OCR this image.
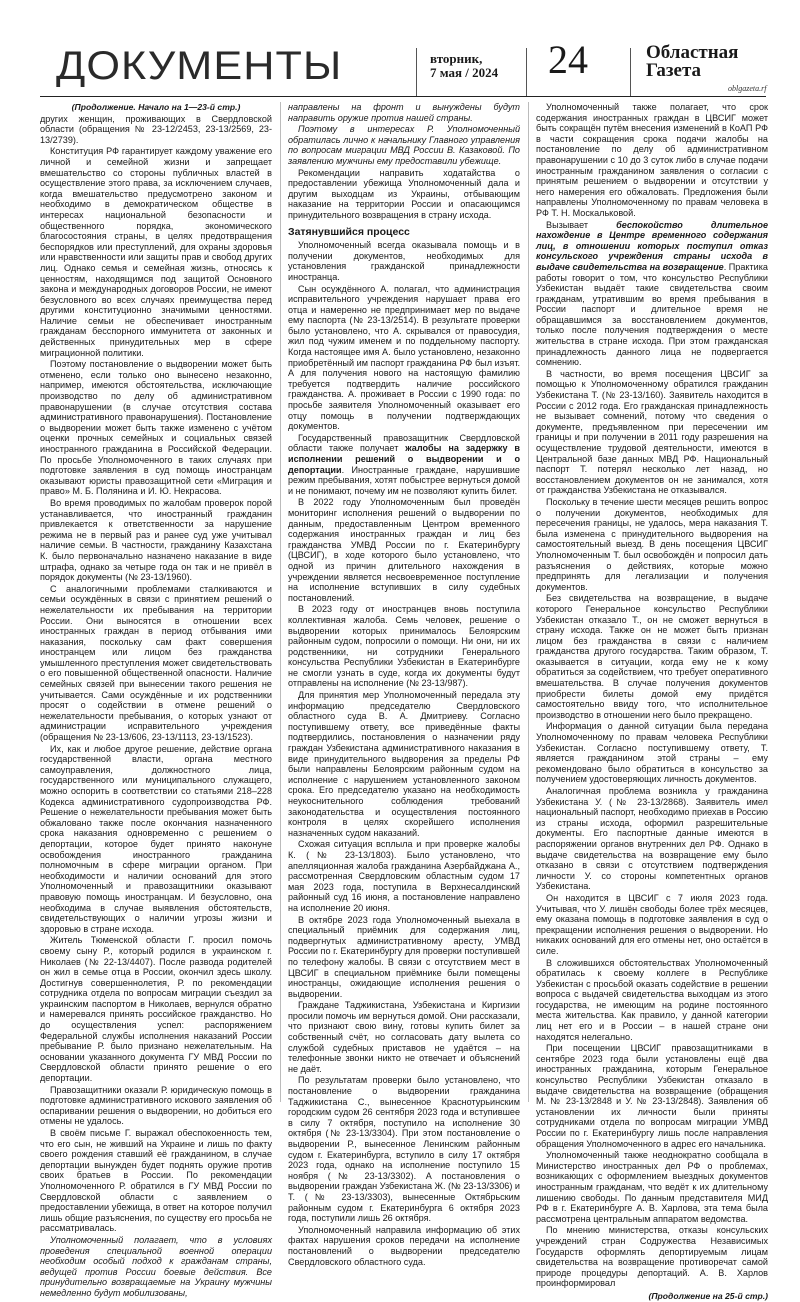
ДОКУМЕНТЫ	вторник,
7 мая / 2024 24	Областная
Газета
oblgazeta.rf
(Продолжение. Начало на 1—23-й стр.)

других женщин, проживающих в Свердловской области (обращения № 23-12/2453, 23-13/2569, 23-13/2739).

Конституция РФ гарантирует каждому уважение его личной и семейной жизни и запрещает вмешательство со стороны публичных властей в осуществление этого права, за исключением случаев, когда вмешательство предусмотрено законом и необходимо в демократическом обществе в интересах национальной безопасности и общественного порядка, экономического благосостояния страны, в целях предотвращения беспорядков или преступлений, для охраны здоровья или нравственности или защиты прав и свобод других лиц. Однако семья и семейная жизнь, относясь к ценностям, находящимся под защитой Основного закона и международных договоров России, не имеют безусловного во всех случаях преимущества перед другими конституционно значимыми ценностями. Наличие семьи не обеспечивает иностранным гражданам бесспорного иммунитета от законных и действенных принудительных мер в сфере миграционной политики.

Поэтому постановление о выдворении может быть отменено, если только оно вынесено незаконно, например, имеются обстоятельства, исключающие производство по делу об административном правонарушении (в случае отсутствия состава административного правонарушения). Постановление о выдворении может быть также изменено с учётом оценки прочных семейных и социальных связей иностранного гражданина в Российской Федерации. По просьбе Уполномоченного в таких случаях при подготовке заявления в суд помощь иностранцам оказывают юристы правозащитной сети «Миграция и право» М. Б. Полянина и И. Ю. Некрасова.

Во время проводимых по жалобам проверок порой устанавливается, что иностранный гражданин привлекается к ответственности за нарушение режима не в первый раз и ранее суд уже учитывал наличие семьи. В частности, гражданину Казахстана К. было первоначально назначено наказание в виде штрафа, однако за четыре года он так и не привёл в порядок документы (№ 23-13/1960).

С аналогичными проблемами сталкиваются и семьи осуждённых в связи с принятием решений о нежелательности их пребывания на территории России. Они выносятся в отношении всех иностранных граждан в период отбывания ими наказания, поскольку сам факт совершения иностранцем или лицом без гражданства умышленного преступления может свидетельствовать о его повышенной общественной опасности. Наличие семейных связей при вынесении такого решения не учитывается. Сами осуждённые и их родственники просят о содействии в отмене решений о нежелательности пребывания, о которых узнают от администрации исправительного учреждения (обращения № 23-13/606, 23-13/1113, 23-13/1523).

Их, как и любое другое решение, действие органа государственной власти, органа местного самоуправления, должностного лица, государственного или муниципального служащего, можно оспорить в соответствии со статьями 218–228 Кодекса административного судопроизводства РФ. Решение о нежелательности пребывания может быть обжаловано также после окончания назначенного срока наказания одновременно с решением о депортации, которое будет принято наконуне освобождения иностранного гражданина полномочным в сфере миграции органом. При необходимости и наличии оснований для этого Уполномоченный и правозащитники оказывают правовую помощь иностранцам. И безусловно, она необходима в случае выявления обстоятельств, свидетельствующих о наличии угрозы жизни и здоровью в стране исхода.

Житель Тюменской области Г. просил помочь своему сыну Р., который родился в украинском г. Николаев (№ 22-13/4407). После развода родителей он жил в семье отца в России, окончил здесь школу. Достигнув совершеннолетия, Р. по рекомендации сотрудника отдела по вопросам миграции съездил за украинским паспортом в Николаев, вернулся обратно и намеревался принять российское гражданство. Но до осуществления успел: распоряжением Федеральной службы исполнения наказаний России пребывание Р. было признано нежелательным. На основании указанного документа ГУ МВД России по Свердловской области принято решение о его депортации.

Правозащитники оказали Р. юридическую помощь в подготовке административного искового заявления об оспаривании решения о выдворении, но добиться его отмены не удалось.

В своём письме Г. выражал обеспокоенность тем, что его сын, не живший на Украине и лишь по факту своего рождения ставший её гражданином, в случае депортации вынужден будет поднять оружие против своих братьев в России. По рекомендации Уполномоченного Р. обратился в ГУ МВД России по Свердловской области с заявлением о предоставлении убежища, в ответ на которое получил лишь общие разъяснения, по существу его просьба не рассматривалась.

Уполномоченный полагает, что в условиях проведения специальной военной операции необходим особый подход к гражданам страны, ведущей против России боевые действия. Все принудительно возвращаемые на Украину мужчины немедленно будут мобилизованы,

направлены на фронт и вынуждены будут направить оружие против нашей страны.

Поэтому в интересах Р. Уполномоченный обратилась лично к начальнику Главного управления по вопросам миграции МВД России В. Казаковой. По заявлению мужчины ему предоставили убежище.

Рекомендации направить ходатайства о предоставлении убежища Уполномоченный дала и другим выходцам из Украины, отбывающим наказание на территории России и опасающимся принудительного возвращения в страну исхода.

Затянувшийся процесс

Уполномоченный всегда оказывала помощь и в получении документов, необходимых для установления гражданской принадлежности иностранца.

Сын осуждённого А. полагал, что администрация исправительного учреждения нарушает права его отца и намеренно не предпринимает мер по выдаче ему паспорта (№ 23-13/2514). В результате проверки было установлено, что А. скрывался от правосудия, жил под чужим именем и по поддельному паспорту. Когда настоящее имя А. было установлено, незаконно приобретённый им паспорт гражданина РФ был изъят. А для получения нового на настоящую фамилию требуется подтвердить наличие российского гражданства. А. проживает в России с 1990 года: по просьбе заявителя Уполномоченный оказывает его отцу помощь в получении подтверждающих документов.

Государственный правозащитник Свердловской области также получает жалобы на задержку в исполнении решений о выдворении и о депортации. Иностранные граждане, нарушившие режим пребывания, хотят побыстрее вернуться домой и не понимают, почему им не позволяют купить билет.

В 2022 году Уполномоченным был проведён мониторинг исполнения решений о выдворении по данным, предоставленным Центром временного содержания иностранных граждан и лиц без гражданства УМВД России по г. Екатеринбургу (ЦВСИГ), в ходе которого было установлено, что одной из причин длительного нахождения в учреждении является несвоевременное поступление на исполнение вступивших в силу судебных постановлений.

В 2023 году от иностранцев вновь поступила коллективная жалоба. Семь человек, решение о выдворении которых принималось Белоярским районным судом, попросили о помощи. Ни они, ни их родственники, ни сотрудники Генерального консульства Республики Узбекистан в Екатеринбурге не смогли узнать в суде, когда их документы будут отправлены на исполнение (№ 23-13/987).

Для принятия мер Уполномоченный передала эту информацию председателю Свердловского областного суда В. А. Дмитриеву. Согласно поступившему ответу, все приведённые факты подтвердились, постановления о назначении ряду граждан Узбекистана административного наказания в виде принудительного выдворения за пределы РФ были направлены Белоярским районным судом на исполнение с нарушением установленного законом срока. Его председателю указано на необходимость неукоснительного соблюдения требований законодательства и осуществления постоянного контроля в целях скорейшего исполнения назначенных судом наказаний.

Схожая ситуация всплыла и при проверке жалобы К. (№ 23-13/1803). Было установлено, что апелляционная жалоба гражданина Азербайджана А., рассмотренная Свердловским областным судом 17 мая 2023 года, поступила в Верхнесалдинский районный суд 16 июня, а постановление направлено на исполнение 20 июня.

В октябре 2023 года Уполномоченный выехала в специальный приёмник для содержания лиц, подвергнутых административному аресту, УМВД России по г. Екатеринбургу для проверки поступившей по телефону жалобы. В связи с отсутствием мест в ЦВСИГ в специальном приёмнике были помещены иностранцы, ожидающие исполнения решения о выдворении.

Граждане Таджикистана, Узбекистана и Киргизии просили помочь им вернуться домой. Они рассказали, что признают свою вину, готовы купить билет за собственный счёт, но согласовать дату вылета со службой судебных приставов не удаётся – на телефонные звонки никто не отвечает и объяснений не даёт.

По результатам проверки было установлено, что постановление о выдворении гражданина Таджикистана С., вынесенное Краснотурьинским городским судом 26 сентября 2023 года и вступившее в силу 7 октября, поступило на исполнение 30 октября (№ 23-13/3304). При этом постановление о выдворении Р., вынесенное Ленинским районным судом г. Екатеринбурга, вступило в силу 17 октября 2023 года, однако на исполнение поступило 15 ноября (№ 23-13/3302). А постановления о выдворении граждан Узбекистана Ж. (№ 23-13/3306) и Т. (№ 23-13/3303), вынесенные Октябрьским районным судом г. Екатеринбурга 6 октября 2023 года, поступили лишь 26 октября.

Уполномоченный направила информацию об этих фактах нарушения сроков передачи на исполнение постановлений о выдворении председателю Свердловского областного суда.

Уполномоченный также полагает, что срок содержания иностранных граждан в ЦВСИГ может быть сокращён путём внесения изменений в КоАП РФ в части сокращения срока подачи жалобы на постановление по делу об административном правонарушении с 10 до 3 суток либо в случае подачи иностранным гражданином заявления о согласии с принятым решением о выдворении и отсутствии у него намерения его обжаловать. Предложения были направлены Уполномоченному по правам человека в РФ Т. Н. Москальковой.

Вызывает беспокойство длительное нахождение в Центре временного содержания лиц, в отношении которых поступил отказ консульского учреждения страны исхода в выдаче свидетельства на возвращение. Практика работы говорит о том, что консульство Республики Узбекистан выдаёт такие свидетельства своим гражданам, утратившим во время пребывания в России паспорт и длительное время не обращавшимся за восстановлением документов, только после получения подтверждения о месте жительства в стране исхода. При этом гражданская принадлежность данного лица не подвергается сомнению.

В частности, во время посещения ЦВСИГ за помощью к Уполномоченному обратился гражданин Узбекистана Т. (№ 23-13/160). Заявитель находится в России с 2012 года. Его гражданская принадлежность не вызывает сомнений, потому что сведения о документе, предъявленном при пересечении им границы и при получении в 2011 году разрешения на осуществление трудовой деятельности, имеются в Центральной базе данных МВД РФ. Национальный паспорт Т. потерял несколько лет назад, но восстановлением документов он не занимался, хотя от гражданства Узбекистана не отказывался.

Поскольку в течение шести месяцев решить вопрос о получении документов, необходимых для пересечения границы, не удалось, мера наказания Т. была изменена с принудительного выдворения на самостоятельный выезд. В день посещения ЦВСИГ Уполномоченным Т. был освобождён и попросил дать разъяснения о действиях, которые можно предпринять для легализации и получения документов.

Без свидетельства на возвращение, в выдаче которого Генеральное консульство Республики Узбекистан отказало Т., он не сможет вернуться в страну исхода. Также он не может быть признан лицом без гражданства в связи с наличием гражданства другого государства. Таким образом, Т. оказывается в ситуации, когда ему не к кому обратиться за содействием, что требует оперативного вмешательства. В случае получения документов приобрести билеты домой ему придётся самостоятельно ввиду того, что исполнительное производство в отношении него было прекращено.

Информация о данной ситуации была передана Уполномоченному по правам человека Республики Узбекистан. Согласно поступившему ответу, Т. является гражданином этой страны – ему рекомендовано было обратиться в консульство за получением удостоверяющих личность документов.

Аналогичная проблема возникла у гражданина Узбекистана У. (№ 23-13/2868). Заявитель имел национальный паспорт, необходимо приехав в Россию из страны исхода, оформил разрешительные документы. Его паспортные данные имеются в распоряжении органов внутренних дел РФ. Однако в выдаче свидетельства на возвращение ему было отказано в связи с отсутствием подтверждения личности У. со стороны компетентных органов Узбекистана.

Он находится в ЦВСИГ с 7 июля 2023 года. Учитывая, что У. лишён свободы более трёх месяцев, ему оказана помощь в подготовке заявления в суд о прекращении исполнения решения о выдворении. Но никаких оснований для его отмены нет, оно остаётся в силе.

В сложившихся обстоятельствах Уполномоченный обратилась к своему коллеге в Республике Узбекистан с просьбой оказать содействие в решении вопроса с выдачей свидетельства выходцам из этого государства, не имеющим на родине постоянного места жительства. Как правило, у данной категории лиц нет его и в России – в нашей стране они находятся нелегально.

При посещении ЦВСИГ правозащитниками в сентябре 2023 года были установлены ещё два иностранных гражданина, которым Генеральное консульство Республики Узбекистан отказало в выдаче свидетельства на возвращение (обращения М. № 23-13/2848 и У. № 23-13/2848). Заявления об установлении их личности были приняты сотрудниками отдела по вопросам миграции УМВД России по г. Екатеринбургу лишь после направления обращения Уполномоченного в адрес его начальника.

Уполномоченный также неоднократно сообщала в Министерство иностранных дел РФ о проблемах, возникающих с оформлением выездных документов иностранным гражданам, что ведёт к их длительному лишению свободы. По данным представителя МИД РФ в г. Екатеринбурге А. В. Харлова, эта тема была рассмотрена центральным аппаратом ведомства.

По мнению министерства, отказы консульских учреждений стран Содружества Независимых Государств оформлять депортируемым лицам свидетельства на возвращение противоречат самой природе процедуры депортаций. А. В. Харлов проинформировал

(Продолжение на 25-й стр.)
